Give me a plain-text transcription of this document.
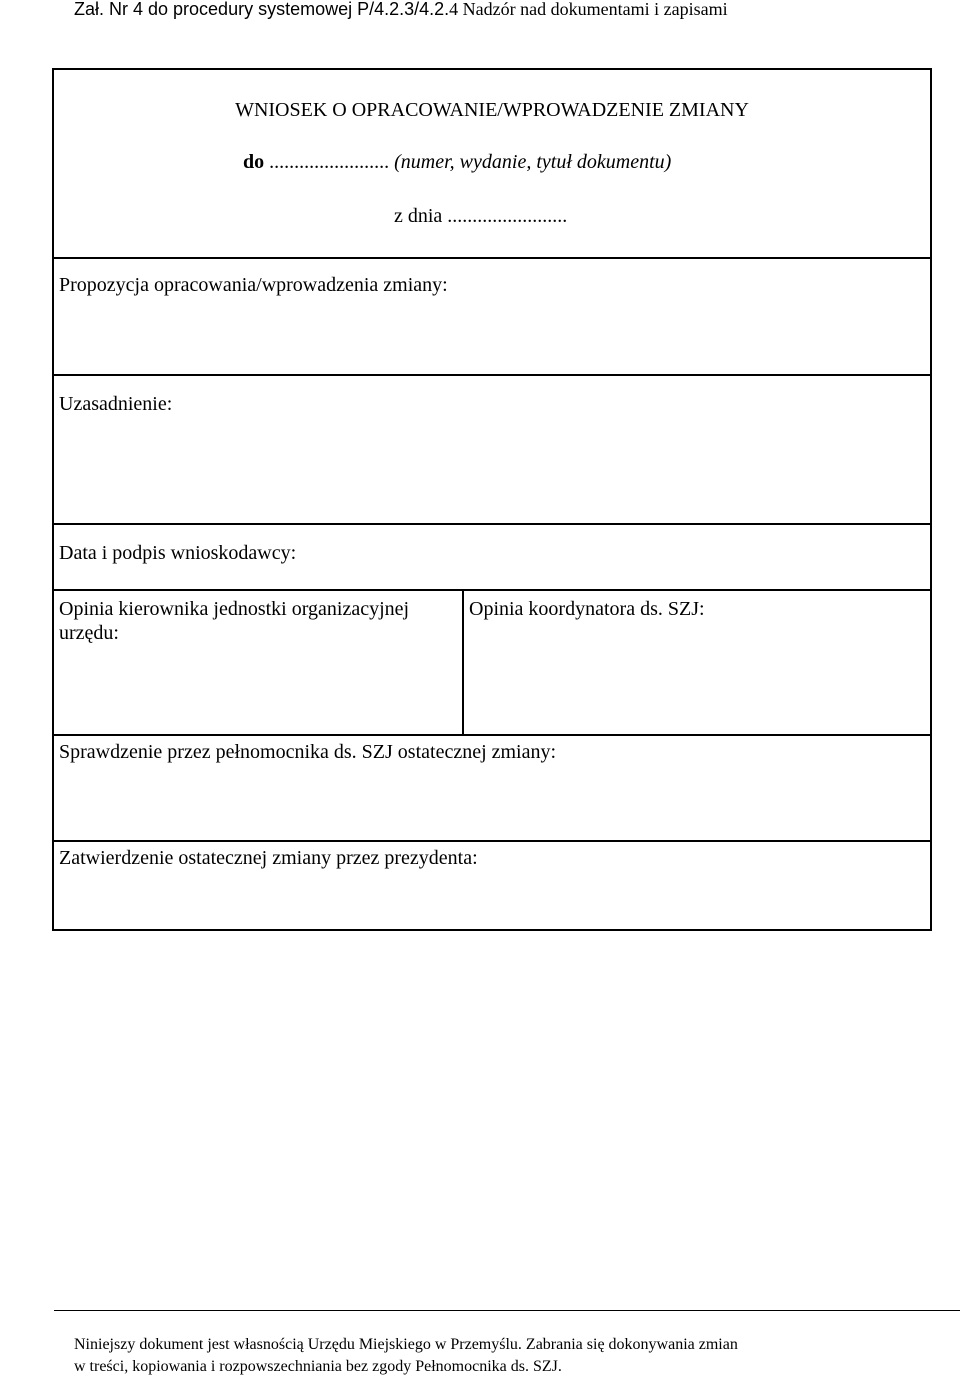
Zał. Nr 4 do procedury systemowej P/4.2.3/4.2.4 Nadzór nad dokumentami i zapisami
WNIOSEK O OPRACOWANIE/WPROWADZENIE ZMIANY
do ........................ (numer, wydanie, tytuł dokumentu)
z dnia ........................
Propozycja opracowania/wprowadzenia zmiany:
Uzasadnienie:
Data i podpis wnioskodawcy:
Opinia kierownika jednostki organizacyjnej urzędu:
Opinia koordynatora ds. SZJ:
Sprawdzenie przez pełnomocnika ds. SZJ ostatecznej zmiany:
Zatwierdzenie ostatecznej zmiany przez prezydenta:
Niniejszy dokument jest własnością Urzędu Miejskiego w Przemyślu. Zabrania się dokonywania zmian
w treści, kopiowania i rozpowszechniania bez zgody Pełnomocnika ds. SZJ.
